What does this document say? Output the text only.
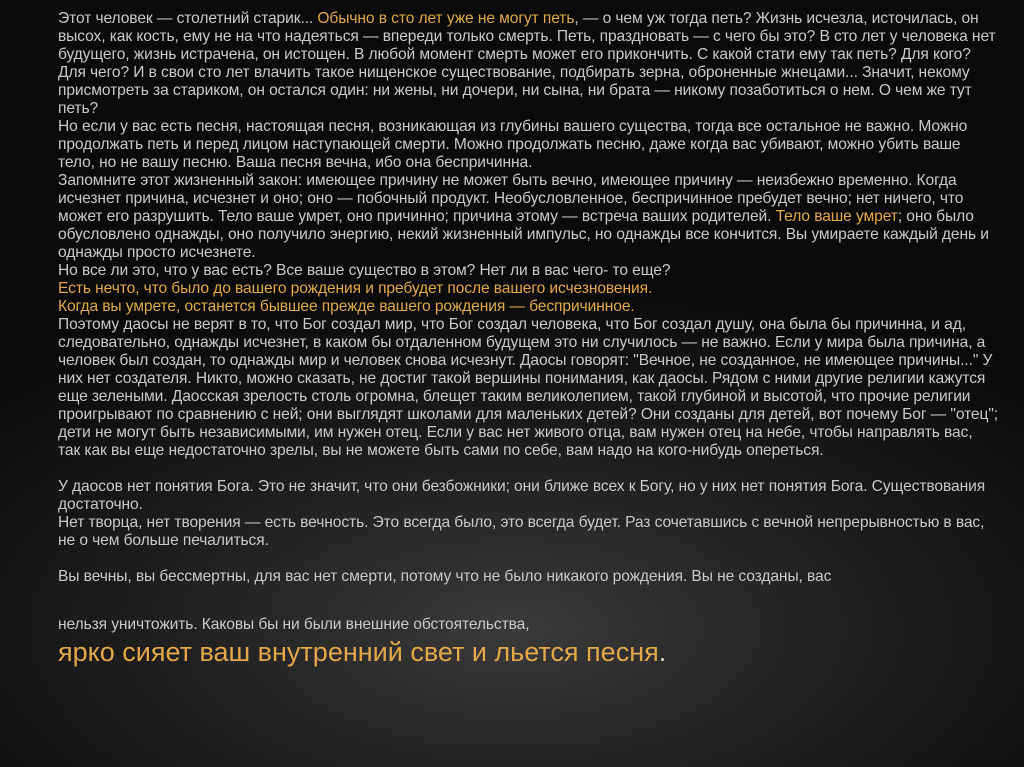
Этот человек — столетний старик... Обычно в сто лет уже не могут петь, — о чем уж тогда петь? Жизнь исчезла, источилась, он высох, как кость, ему не на что надеяться — впереди только смерть. Петь, праздновать — с чего бы это? В сто лет у человека нет будущего, жизнь истрачена, он истощен. В любой момент смерть может его прикончить. С какой стати ему так петь? Для кого? Для чего? И в свои сто лет влачить такое нищенское существование, подбирать зерна, оброненные жнецами... Значит, некому присмотреть за стариком, он остался один: ни жены, ни дочери, ни сына, ни брата — никому позаботиться о нем. О чем же тут петь?

Но если у вас есть песня, настоящая песня, возникающая из глубины вашего существа, тогда все остальное не важно. Можно продолжать петь и перед лицом наступающей смерти. Можно продолжать песню, даже когда вас убивают, можно убить ваше тело, но не вашу песню. Ваша песня вечна, ибо она беспричинна.

Запомните этот жизненный закон: имеющее причину не может быть вечно, имеющее причину — неизбежно временно. Когда исчезнет причина, исчезнет и оно; оно — побочный продукт. Необусловленное, беспричинное пребудет вечно; нет ничего, что может его разрушить. Тело ваше умрет, оно причинно; причина этому — встреча ваших родителей. Тело ваше умрет; оно было обусловлено однажды, оно получило энергию, некий жизненный импульс, но однажды все кончится. Вы умираете каждый день и однажды просто исчезнете.

Но все ли это, что у вас есть? Все ваше существо в этом? Нет ли в вас чего- то еще?

Есть нечто, что было до вашего рождения и пребудет после вашего исчезновения.

Когда вы умрете, останется бывшее прежде вашего рождения — беспричинное.

Поэтому даосы не верят в то, что Бог создал мир, что Бог создал человека, что Бог создал душу, она была бы причинна, и ад, следовательно, однажды исчезнет, в каком бы отдаленном будущем это ни случилось — не важно. Если у мира была причина, а человек был создан, то однажды мир и человек снова исчезнут. Даосы говорят: "Вечное, не созданное, не имеющее причины..." У них нет создателя. Никто, можно сказать, не достиг такой вершины понимания, как даосы. Рядом с ними другие религии кажутся еще зелеными. Даосская зрелость столь огромна, блещет таким великолепием, такой глубиной и высотой, что прочие религии проигрывают по сравнению с ней; они выглядят школами для маленьких детей? Они созданы для детей, вот почему Бог — "отец"; дети не могут быть независимыми, им нужен отец. Если у вас нет живого отца, вам нужен отец на небе, чтобы направлять вас, так как вы еще недостаточно зрелы, вы не можете быть сами по себе, вам надо на кого-нибудь опереться.

У даосов нет понятия Бога. Это не значит, что они безбожники; они ближе всех к Богу, но у них нет понятия Бога. Существования достаточно.

Нет творца, нет творения — есть вечность. Это всегда было, это всегда будет. Раз сочетавшись с вечной непрерывностью в вас, не о чем больше печалиться.

Вы вечны, вы бессмертны, для вас нет смерти, потому что не было никакого рождения. Вы не созданы, вас

нельзя уничтожить. Каковы бы ни были внешние обстоятельства,

ярко сияет ваш внутренний свет и льется песня.
